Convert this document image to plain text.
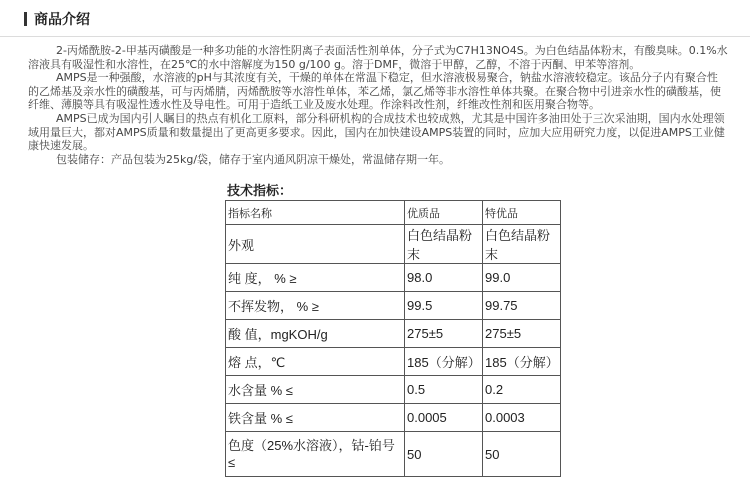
商品介绍

2-丙烯酰胺-2-甲基丙磺酸是一种多功能的水溶性阴离子表面活性剂单体，分子式为C7H13NO4S。为白色结晶体粉末，有酸臭味。0.1%水溶液具有吸湿性和水溶性，在25℃的水中溶解度为150 g/100 g。溶于DMF，微溶于甲醇，乙醇，不溶于丙酮、甲苯等溶剂。

AMPS是一种强酸，水溶液的pH与其浓度有关，干燥的单体在常温下稳定，但水溶液极易聚合，钠盐水溶液较稳定。该品分子内有聚合性的乙烯基及亲水性的磺酸基，可与丙烯腈，丙烯酰胺等水溶性单体，苯乙烯，氯乙烯等非水溶性单体共聚。在聚合物中引进亲水性的磺酸基，使纤维、薄膜等具有吸湿性透水性及导电性。可用于造纸工业及废水处理。作涂料改性剂，纤维改性剂和医用聚合物等。

AMPS已成为国内引人瞩目的热点有机化工原料，部分科研机构的合成技术也较成熟，尤其是中国许多油田处于三次采油期，国内水处理领域用量巨大，都对AMPS质量和数量提出了更高更多要求。因此，国内在加快建设AMPS装置的同时，应加大应用研究力度，以促进AMPS工业健康快速发展。

包装储存：产品包装为25kg/袋，储存于室内通风阴凉干燥处，常温储存期一年。

技术指标：
指标名称	优质品	特优品
外观	白色结晶粉末	白色结晶粉末
纯 度， % ≥	98.0	99.0
不挥发物， % ≥	99.5	99.75
酸 值，mgKOH/g	275±5	275±5
熔 点，℃	185（分解）	185（分解）
水含量 % ≤	0.5	0.2
铁含量 % ≤	0.0005	0.0003
色度（25%水溶液），钴-铂号 ≤	50	50
